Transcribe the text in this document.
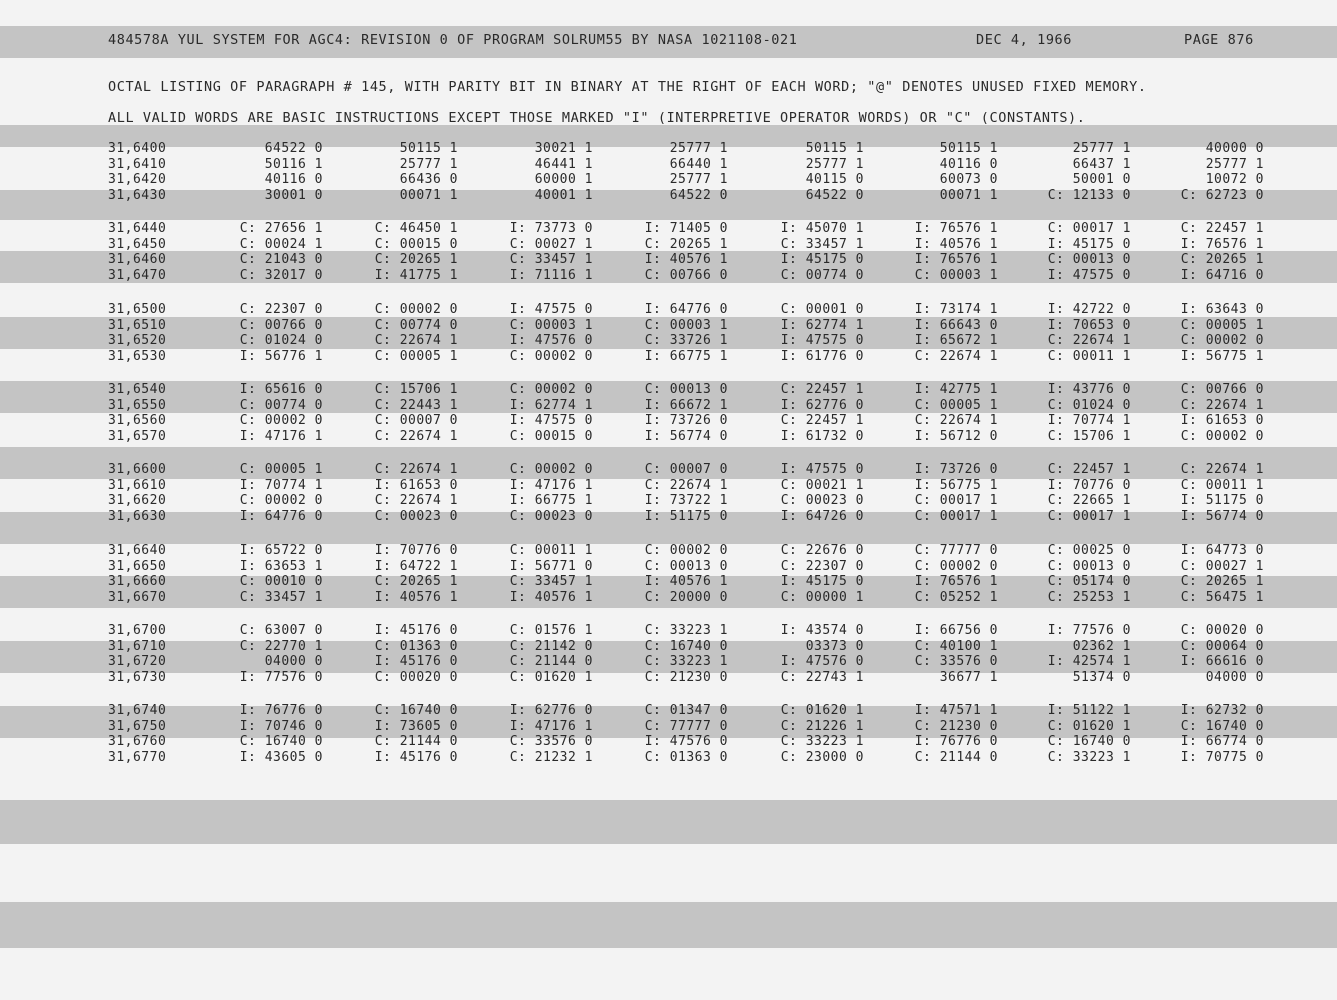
484578A YUL SYSTEM FOR AGC4: REVISION 0 OF PROGRAM SOLRUM55 BY NASA 1021108-021

	DEC 4, 1966

	PAGE 876

OCTAL LISTING OF PARAGRAPH # 145, WITH PARITY BIT IN BINARY AT THE RIGHT OF EACH WORD; "@" DENOTES UNUSED FIXED MEMORY.
ALL VALID WORDS ARE BASIC INSTRUCTIONS EXCEPT THOSE MARKED "I" (INTERPRETIVE OPERATOR WORDS) OR "C" (CONSTANTS).
31,6400	64522 0	50115 1	30021 1	25777 1	50115 1	50115 1	25777 1	40000 0
31,6410	50116 1	25777 1	46441 1	66440 1	25777 1	40116 0	66437 1	25777 1
31,6420	40116 0	66436 0	60000 1	25777 1	40115 0	60073 0	50001 0	10072 0
31,6430	30001 0	00071 1	40001 1	64522 0	64522 0	00071 1	C: 12133 0	C: 62723 0
31,6440	C: 27656 1	C: 46450 1	I: 73773 0	I: 71405 0	I: 45070 1	I: 76576 1	C: 00017 1	C: 22457 1
31,6450	C: 00024 1	C: 00015 0	C: 00027 1	C: 20265 1	C: 33457 1	I: 40576 1	I: 45175 0	I: 76576 1
31,6460	C: 21043 0	C: 20265 1	C: 33457 1	I: 40576 1	I: 45175 0	I: 76576 1	C: 00013 0	C: 20265 1
31,6470	C: 32017 0	I: 41775 1	I: 71116 1	C: 00766 0	C: 00774 0	C: 00003 1	I: 47575 0	I: 64716 0
31,6500	C: 22307 0	C: 00002 0	I: 47575 0	I: 64776 0	C: 00001 0	I: 73174 1	I: 42722 0	I: 63643 0
31,6510	C: 00766 0	C: 00774 0	C: 00003 1	C: 00003 1	I: 62774 1	I: 66643 0	I: 70653 0	C: 00005 1
31,6520	C: 01024 0	C: 22674 1	I: 47576 0	C: 33726 1	I: 47575 0	I: 65672 1	C: 22674 1	C: 00002 0
31,6530	I: 56776 1	C: 00005 1	C: 00002 0	I: 66775 1	I: 61776 0	C: 22674 1	C: 00011 1	I: 56775 1
31,6540	I: 65616 0	C: 15706 1	C: 00002 0	C: 00013 0	C: 22457 1	I: 42775 1	I: 43776 0	C: 00766 0
31,6550	C: 00774 0	C: 22443 1	I: 62774 1	I: 66672 1	I: 62776 0	C: 00005 1	C: 01024 0	C: 22674 1
31,6560	C: 00002 0	C: 00007 0	I: 47575 0	I: 73726 0	C: 22457 1	C: 22674 1	I: 70774 1	I: 61653 0
31,6570	I: 47176 1	C: 22674 1	C: 00015 0	I: 56774 0	I: 61732 0	I: 56712 0	C: 15706 1	C: 00002 0
31,6600	C: 00005 1	C: 22674 1	C: 00002 0	C: 00007 0	I: 47575 0	I: 73726 0	C: 22457 1	C: 22674 1
31,6610	I: 70774 1	I: 61653 0	I: 47176 1	C: 22674 1	C: 00021 1	I: 56775 1	I: 70776 0	C: 00011 1
31,6620	C: 00002 0	C: 22674 1	I: 66775 1	I: 73722 1	C: 00023 0	C: 00017 1	C: 22665 1	I: 51175 0
31,6630	I: 64776 0	C: 00023 0	C: 00023 0	I: 51175 0	I: 64726 0	C: 00017 1	C: 00017 1	I: 56774 0
31,6640	I: 65722 0	I: 70776 0	C: 00011 1	C: 00002 0	C: 22676 0	C: 77777 0	C: 00025 0	I: 64773 0
31,6650	I: 63653 1	I: 64722 1	I: 56771 0	C: 00013 0	C: 22307 0	C: 00002 0	C: 00013 0	C: 00027 1
31,6660	C: 00010 0	C: 20265 1	C: 33457 1	I: 40576 1	I: 45175 0	I: 76576 1	C: 05174 0	C: 20265 1
31,6670	C: 33457 1	I: 40576 1	I: 40576 1	C: 20000 0	C: 00000 1	C: 05252 1	C: 25253 1	C: 56475 1
31,6700	C: 63007 0	I: 45176 0	C: 01576 1	C: 33223 1	I: 43574 0	I: 66756 0	I: 77576 0	C: 00020 0
31,6710	C: 22770 1	C: 01363 0	C: 21142 0	C: 16740 0	03373 0	C: 40100 1	02362 1	C: 00064 0
31,6720	04000 0	I: 45176 0	C: 21144 0	C: 33223 1	I: 47576 0	C: 33576 0	I: 42574 1	I: 66616 0
31,6730	I: 77576 0	C: 00020 0	C: 01620 1	C: 21230 0	C: 22743 1	36677 1	51374 0	04000 0
31,6740	I: 76776 0	C: 16740 0	I: 62776 0	C: 01347 0	C: 01620 1	I: 47571 1	I: 51122 1	I: 62732 0
31,6750	I: 70746 0	I: 73605 0	I: 47176 1	C: 77777 0	C: 21226 1	C: 21230 0	C: 01620 1	C: 16740 0
31,6760	C: 16740 0	C: 21144 0	C: 33576 0	I: 47576 0	C: 33223 1	I: 76776 0	C: 16740 0	I: 66774 0
31,6770	I: 43605 0	I: 45176 0	C: 21232 1	C: 01363 0	C: 23000 0	C: 21144 0	C: 33223 1	I: 70775 0
